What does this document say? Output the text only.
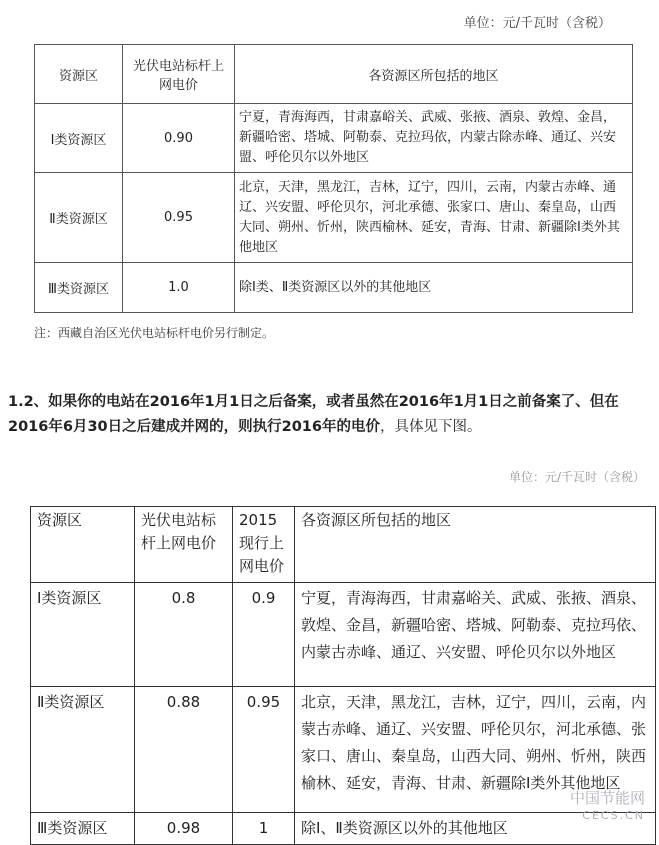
单位：元/千瓦时（含税）
资源区	光伏电站标杆上网电价	各资源区所包括的地区
Ⅰ类资源区	0.90	宁夏，青海海西，甘肃嘉峪关、武威、张掖、酒泉、敦煌、金昌，新疆哈密、塔城、阿勒泰、克拉玛依，内蒙古除赤峰、通辽、兴安盟、呼伦贝尔以外地区
Ⅱ类资源区	0.95	北京，天津，黑龙江，吉林，辽宁，四川，云南，内蒙古赤峰、通辽、兴安盟、呼伦贝尔，河北承德、张家口、唐山、秦皇岛，山西大同、朔州、忻州，陕西榆林、延安，青海、甘肃、新疆除Ⅰ类外其他地区
Ⅲ类资源区	1.0	除Ⅰ类、Ⅱ类资源区以外的其他地区
注：西藏自治区光伏电站标杆电价另行制定。
1.2、如果你的电站在2016年1月1日之后备案，或者虽然在2016年1月1日之前备案了、但在2016年6月30日之后建成并网的，则执行2016年的电价，具体见下图。
单位：元/千瓦时（含税）
资源区	光伏电站标杆上网电价	2015现行上网电价	各资源区所包括的地区
Ⅰ类资源区	0.8	0.9	宁夏，青海海西，甘肃嘉峪关、武威、张掖、酒泉、敦煌、金昌，新疆哈密、塔城、阿勒泰、克拉玛依、内蒙古赤峰、通辽、兴安盟、呼伦贝尔以外地区
Ⅱ类资源区	0.88	0.95	北京，天津，黑龙江，吉林，辽宁，四川，云南，内蒙古赤峰、通辽、兴安盟、呼伦贝尔，河北承德、张家口、唐山、秦皇岛，山西大同、朔州、忻州，陕西榆林、延安，青海、甘肃、新疆除Ⅰ类外其他地区
Ⅲ类资源区	0.98	1	除Ⅰ、Ⅱ类资源区以外的其他地区
中国节能网
CECS.CN
